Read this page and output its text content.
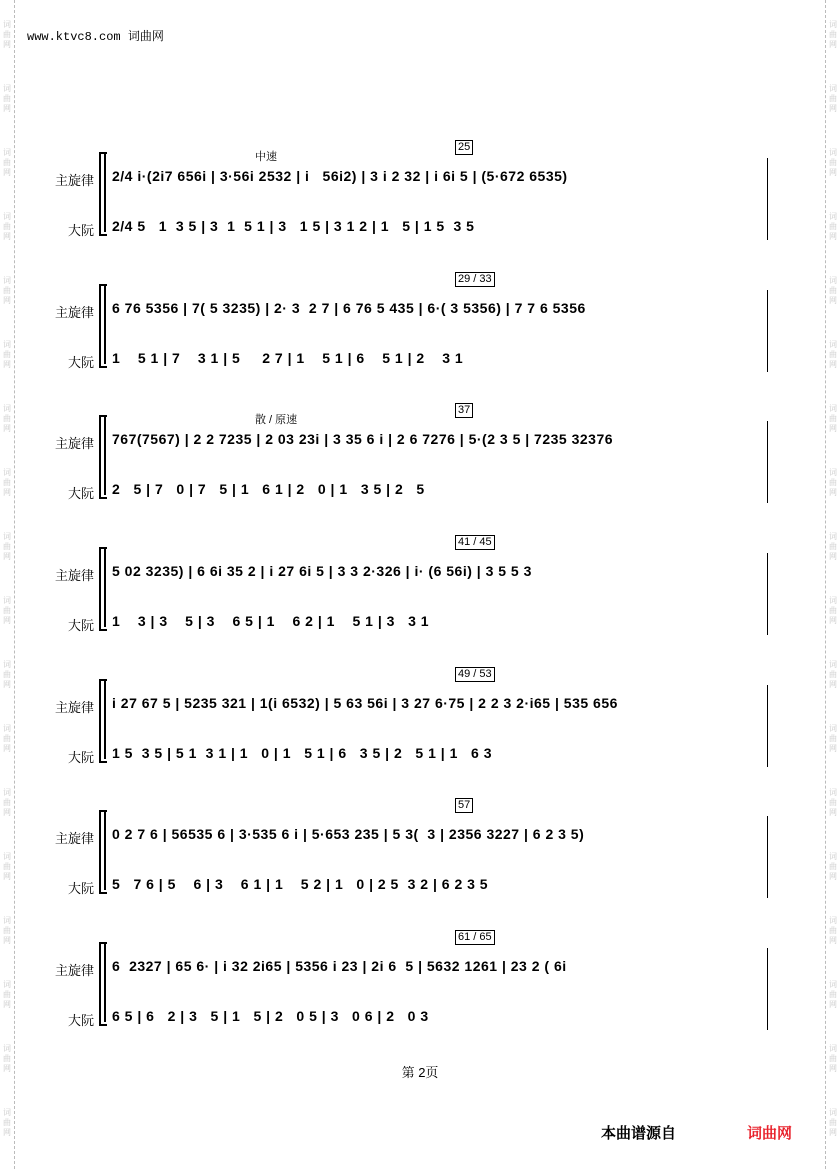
www.ktvc8.com 词曲网
主旋律
大阮
2/4 i·(2i7 656i | 3·56i 2532 | i   56i2) | 3 i 2 32 | i 6i 5 | (5·672 6535)
2/4 5   1  3 5 | 3  1  5 1 | 3   1 5 | 3 1 2 | 1   5 | 1 5  3 5
25
中速
主旋律
大阮
6 76 5356 | 7( 5 3235) | 2· 3  2 7 | 6 76 5 435 | 6·( 3 5356) | 7 7 6 5356
1    5 1 | 7    3 1 | 5     2 7 | 1    5 1 | 6    5 1 | 2    3 1
29 / 33
主旋律
大阮
767(7567) | 2 2 7235 | 2 03 23i | 3 35 6 i | 2 6 7276 | 5·(2 3 5 | 7235 32376
2   5 | 7   0 | 7   5 | 1   6 1 | 2   0 | 1   3 5 | 2   5
37
散 / 原速
主旋律
大阮
5 02 3235) | 6 6i 35 2 | i 27 6i 5 | 3 3 2·326 | i· (6 56i) | 3 5 5 3
1    3 | 3    5 | 3    6 5 | 1    6 2 | 1    5 1 | 3   3 1
41 / 45
主旋律
大阮
i 27 67 5 | 5235 321 | 1(i 6532) | 5 63 56i | 3 27 6·75 | 2 2 3 2·i65 | 535 656
1 5  3 5 | 5 1  3 1 | 1   0 | 1   5 1 | 6   3 5 | 2   5 1 | 1   6 3
49 / 53
主旋律
大阮
0 2 7 6 | 56535 6 | 3·535 6 i | 5·653 235 | 5 3(  3 | 2356 3227 | 6 2 3 5)
5   7 6 | 5    6 | 3    6 1 | 1    5 2 | 1   0 | 2 5  3 2 | 6 2 3 5
57
主旋律
大阮
6  2327 | 65 6· | i 32 2i65 | 5356 i 23 | 2i 6  5 | 5632 1261 | 23 2 ( 6i
6 5 | 6   2 | 3   5 | 1   5 | 2   0 5 | 3   0 6 | 2   0 3
61 / 65
第 2页
本曲谱源自	词曲网
词
曲
网
词
曲
网
词
曲
网
词
曲
网
词
曲
网
词
曲
网
词
曲
网
词
曲
网
词
曲
网
词
曲
网
词
曲
网
词
曲
网
词
曲
网
词
曲
网
词
曲
网
词
曲
网
词
曲
网
词
曲
网
词
曲
网
词
曲
网
词
曲
网
词
曲
网
词
曲
网
词
曲
网
词
曲
网
词
曲
网
词
曲
网
词
曲
网
词
曲
网
词
曲
网
词
曲
网
词
曲
网
词
曲
网
词
曲
网
词
曲
网
词
曲
网
